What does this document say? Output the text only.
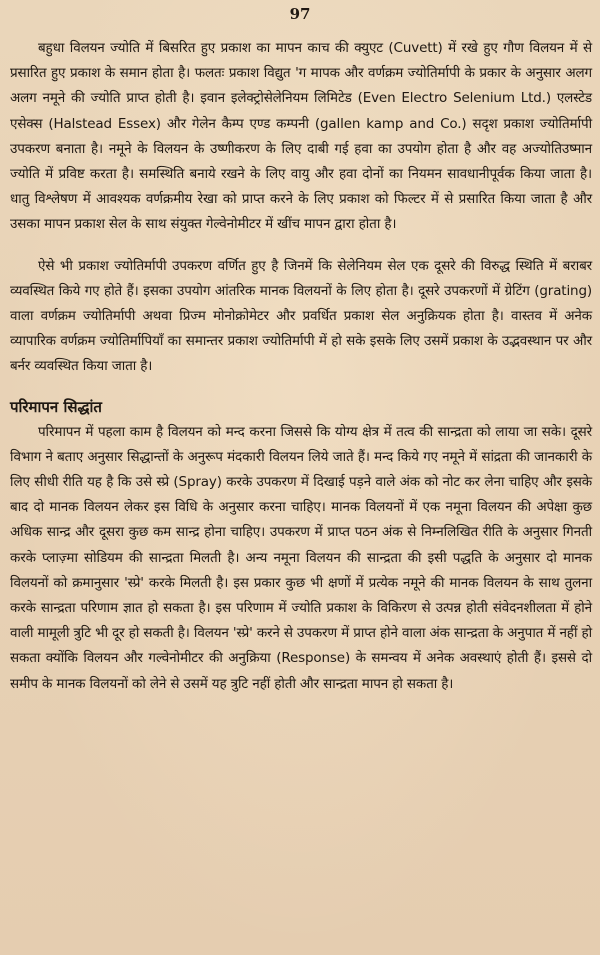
97

बहुधा विलयन ज्योति में बिसरित हुए प्रकाश का मापन काच की क्युएट (Cuvett) में रखे हुए गौण विलयन में से प्रसारित हुए प्रकाश के समान होता है। फलतः प्रकाश विद्युत 'ग मापक और वर्णक्रम ज्योतिर्मापी के प्रकार के अनुसार अलग अलग नमूने की ज्योति प्राप्त होती है। इवान इलेक्ट्रोसेलेनियम लिमिटेड (Even Electro Selenium Ltd.) एलस्टेड एसेक्स (Halstead Essex) और गेलेन कैम्प एण्ड कम्पनी (gallen kamp and Co.) सदृश प्रकाश ज्योतिर्मापी उपकरण बनाता है। नमूने के विलयन के उष्णीकरण के लिए दाबी गई हवा का उपयोग होता है और वह अज्योतिउष्मान ज्योति में प्रविष्ट करता है। समस्थिति बनाये रखने के लिए वायु और हवा दोनों का नियमन सावधानीपूर्वक किया जाता है। धातु विश्लेषण में आवश्यक वर्णक्रमीय रेखा को प्राप्त करने के लिए प्रकाश को फिल्टर में से प्रसारित किया जाता है और उसका मापन प्रकाश सेल के साथ संयुक्त गेल्वेनोमीटर में खींच मापन द्वारा होता है।

ऐसे भी प्रकाश ज्योतिर्मापी उपकरण वर्णित हुए है जिनमें कि सेलेनियम सेल एक दूसरे की विरुद्ध स्थिति में बराबर व्यवस्थित किये गए होते हैं। इसका उपयोग आंतरिक मानक विलयनों के लिए होता है। दूसरे उपकरणों में ग्रेटिंग (grating) वाला वर्णक्रम ज्योतिर्मापी अथवा प्रिज्म मोनोक्रोमेटर और प्रवर्धित प्रकाश सेल अनुक्रियक होता है। वास्तव में अनेक व्यापारिक वर्णक्रम ज्योतिर्मापियाँ का समान्तर प्रकाश ज्योतिर्मापी में हो सके इसके लिए उसमें प्रकाश के उद्भवस्थान पर और बर्नर व्यवस्थित किया जाता है।

परिमापन सिद्धांत

परिमापन में पहला काम है विलयन को मन्द करना जिससे कि योग्य क्षेत्र में तत्व की सान्द्रता को लाया जा सके। दूसरे विभाग ने बताए अनुसार सिद्धान्तों के अनुरूप मंदकारी विलयन लिये जाते हैं। मन्द किये गए नमूने में सांद्रता की जानकारी के लिए सीधी रीति यह है कि उसे स्प्रे (Spray) करके उपकरण में दिखाई पड़ने वाले अंक को नोट कर लेना चाहिए और इसके बाद दो मानक विलयन लेकर इस विधि के अनुसार करना चाहिए। मानक विलयनों में एक नमूना विलयन की अपेक्षा कुछ अधिक सान्द्र और दूसरा कुछ कम सान्द्र होना चाहिए। उपकरण में प्राप्त पठन अंक से निम्नलिखित रीति के अनुसार गिनती करके प्लाज़्मा सोडियम की सान्द्रता मिलती है। अन्य नमूना विलयन की सान्द्रता की इसी पद्धति के अनुसार दो मानक विलयनों को क्रमानुसार 'स्प्रे' करके मिलती है। इस प्रकार कुछ भी क्षणों में प्रत्येक नमूने की मानक विलयन के साथ तुलना करके सान्द्रता परिणाम ज्ञात हो सकता है। इस परिणाम में ज्योति प्रकाश के विकिरण से उत्पन्न होती संवेदनशीलता में होने वाली मामूली त्रुटि भी दूर हो सकती है। विलयन 'स्प्रे' करने से उपकरण में प्राप्त होने वाला अंक सान्द्रता के अनुपात में नहीं हो सकता क्योंकि विलयन और गल्वेनोमीटर की अनुक्रिया (Response) के समन्वय में अनेक अवस्थाएं होती हैं। इससे दो समीप के मानक विलयनों को लेने से उसमें यह त्रुटि नहीं होती और सान्द्रता मापन हो सकता है।
